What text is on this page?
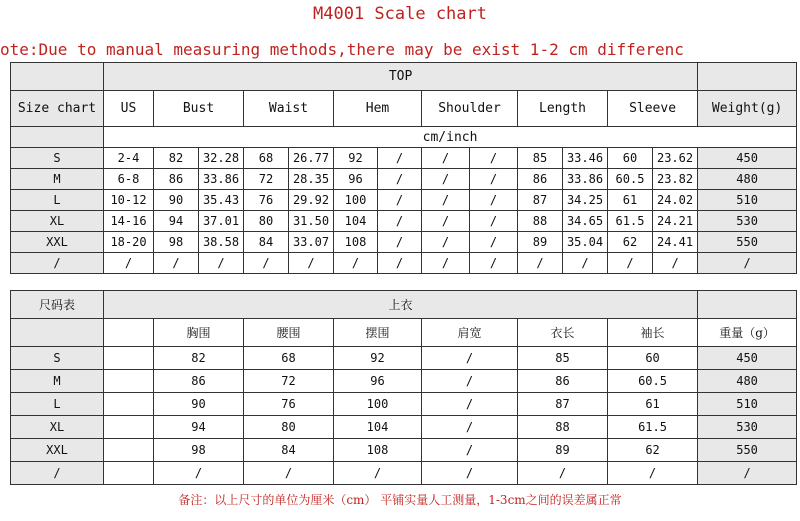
M4001 Scale chart
ote:Due to manual measuring methods,there may be exist 1-2 cm differenc
	TOP													
Size chart	US	Bust		Waist		Hem		Shoulder		Length		Sleeve		Weight(g)
	cm/inch													
S	2-4	82	32.28	68	26.77	92	/	/	/	85	33.46	60	23.62	450
M	6-8	86	33.86	72	28.35	96	/	/	/	86	33.86	60.5	23.82	480
L	10-12	90	35.43	76	29.92	100	/	/	/	87	34.25	61	24.02	510
XL	14-16	94	37.01	80	31.50	104	/	/	/	88	34.65	61.5	24.21	530
XXL	18-20	98	38.58	84	33.07	108	/	/	/	89	35.04	62	24.41	550
/	/	/	/	/	/	/	/	/	/	/	/	/	/	/
尺码表	上衣							
		胸围	腰围	摆围	肩宽	衣长	袖长	重量（g）
S		82	68	92	/	85	60	450
M		86	72	96	/	86	60.5	480
L		90	76	100	/	87	61	510
XL		94	80	104	/	88	61.5	530
XXL		98	84	108	/	89	62	550
/		/	/	/	/	/	/	/
备注：以上尺寸的单位为厘米（cm） 平铺实量人工测量，1-3cm之间的误差属正常
